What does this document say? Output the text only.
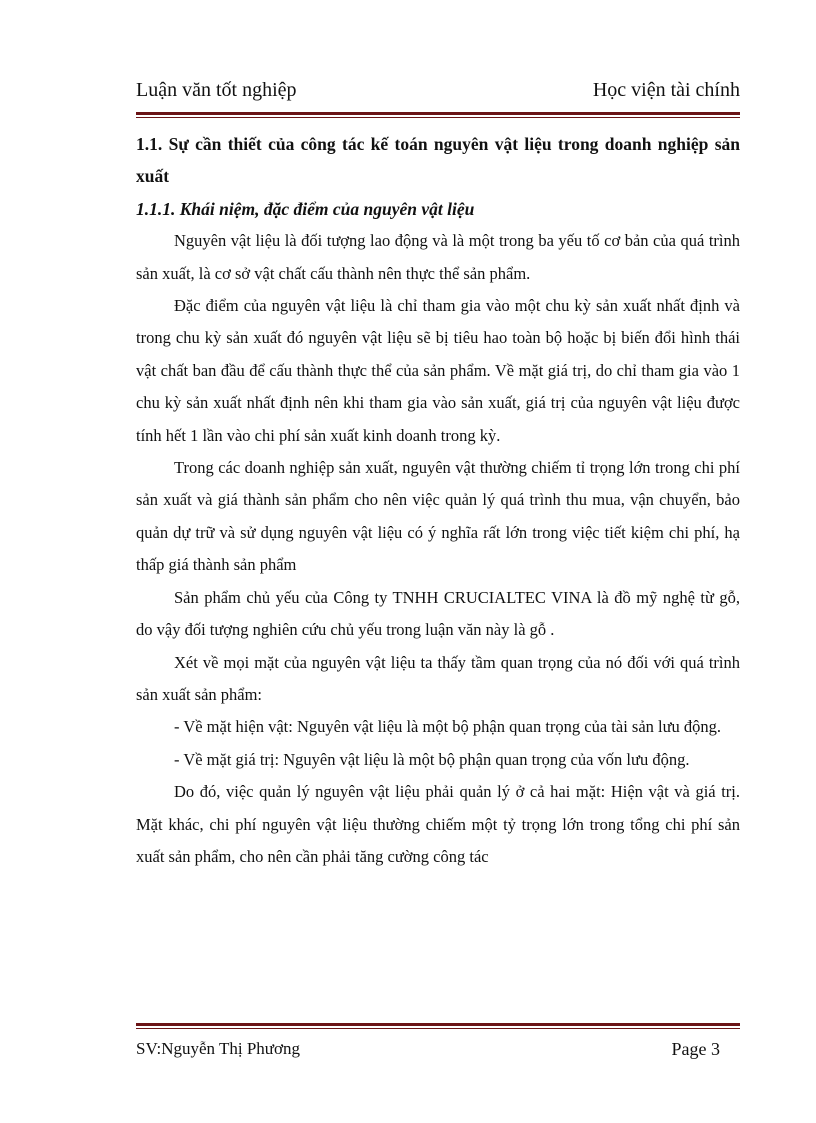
Luận văn tốt nghiệp	Học viện tài chính

1.1. Sự cần thiết của công tác kế toán nguyên vật liệu trong doanh nghiệp sản xuất

1.1.1. Khái niệm, đặc điểm của nguyên vật liệu

Nguyên vật liệu là đối tượng lao động và là một trong ba yếu tố cơ bản của quá trình sản xuất, là cơ sở vật chất cấu thành nên thực thể sản phẩm.

Đặc điểm của nguyên vật liệu là chỉ tham gia vào một chu kỳ sản xuất nhất định và trong chu kỳ sản xuất đó nguyên vật liệu sẽ bị tiêu hao toàn bộ hoặc bị biến đổi hình thái vật chất ban đầu để cấu thành thực thể của sản phẩm. Về mặt giá trị, do chỉ tham gia vào 1 chu kỳ sản xuất nhất định nên khi tham gia vào sản xuất, giá trị của nguyên vật liệu được tính hết 1 lần vào chi phí sản xuất kinh doanh trong kỳ.

Trong các doanh nghiệp sản xuất, nguyên vật thường chiếm tỉ trọng lớn trong chi phí sản xuất và giá thành sản phẩm cho nên việc quản lý quá trình thu mua, vận chuyển, bảo quản dự trữ và sử dụng nguyên vật liệu có ý nghĩa rất lớn trong việc tiết kiệm chi phí, hạ thấp giá thành sản phẩm

Sản phẩm chủ yếu của Công ty TNHH CRUCIALTEC VINA là đồ mỹ nghệ từ gỗ, do vậy đối tượng nghiên cứu chủ yếu trong luận văn này là gỗ .

Xét về mọi mặt của nguyên vật liệu ta thấy tầm quan trọng của nó đối với quá trình sản xuất sản phẩm:

- Về mặt hiện vật: Nguyên vật liệu là một bộ phận quan trọng của tài sản lưu động.

- Về mặt giá trị: Nguyên vật liệu là một bộ phận quan trọng của vốn lưu động.

Do đó, việc quản lý nguyên vật liệu phải quản lý ở cả hai mặt: Hiện vật và giá trị. Mặt khác, chi phí nguyên vật liệu thường chiếm một tỷ trọng lớn trong tổng chi phí sản xuất sản phẩm, cho nên cần phải tăng cường công tác

SV:Nguyễn Thị Phương	Page 3
